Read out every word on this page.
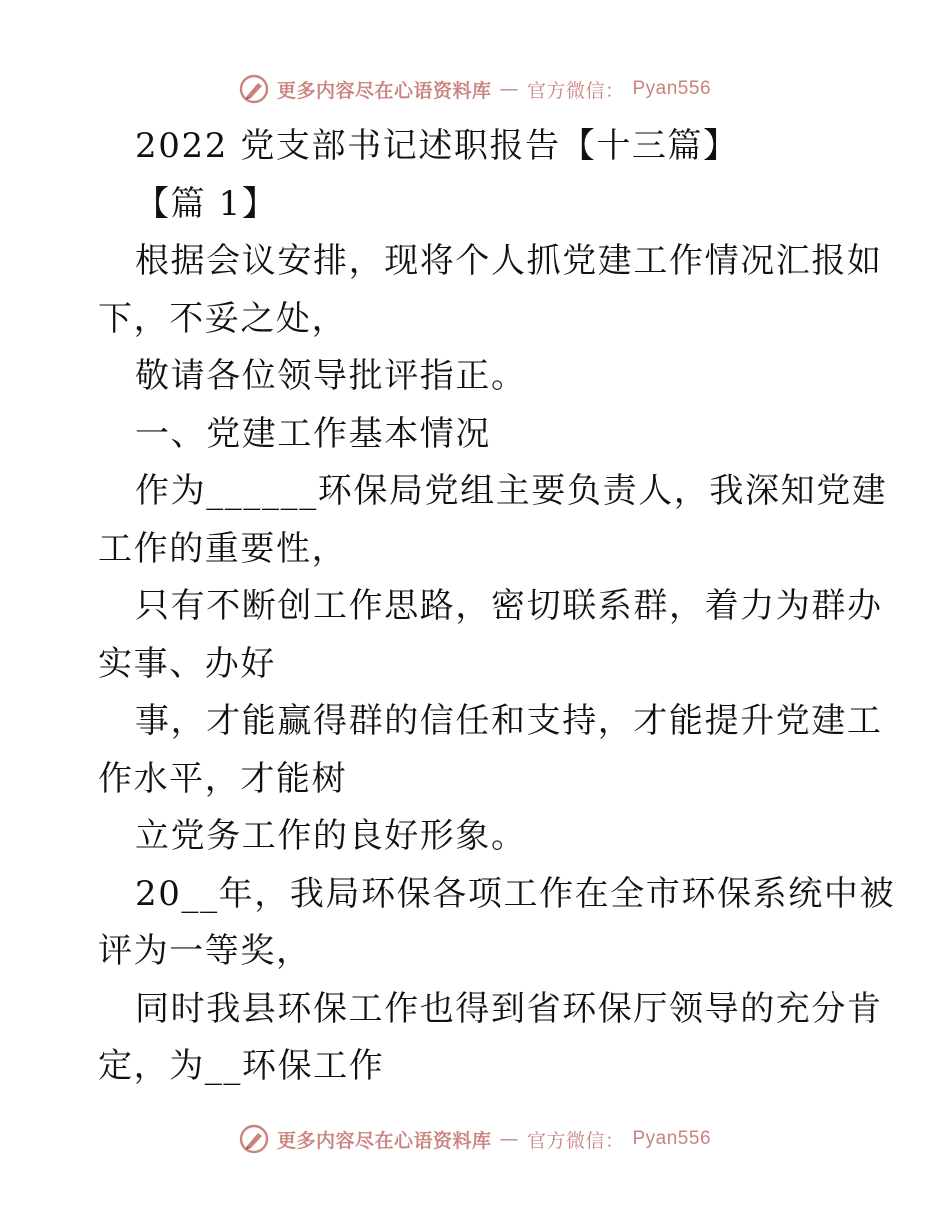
更多内容尽在心语资料库 — 官方微信： Pyan556

2022 党支部书记述职报告【十三篇】

【篇 1】

根据会议安排，现将个人抓党建工作情况汇报如

下，不妥之处，

敬请各位领导批评指正。

一、党建工作基本情况

作为______环保局党组主要负责人，我深知党建

工作的重要性，

只有不断创工作思路，密切联系群，着力为群办

实事、办好

事，才能赢得群的信任和支持，才能提升党建工

作水平，才能树

立党务工作的良好形象。

20__年，我局环保各项工作在全市环保系统中被

评为一等奖，

同时我县环保工作也得到省环保厅领导的充分肯

定，为__环保工作

更多内容尽在心语资料库 — 官方微信： Pyan556
